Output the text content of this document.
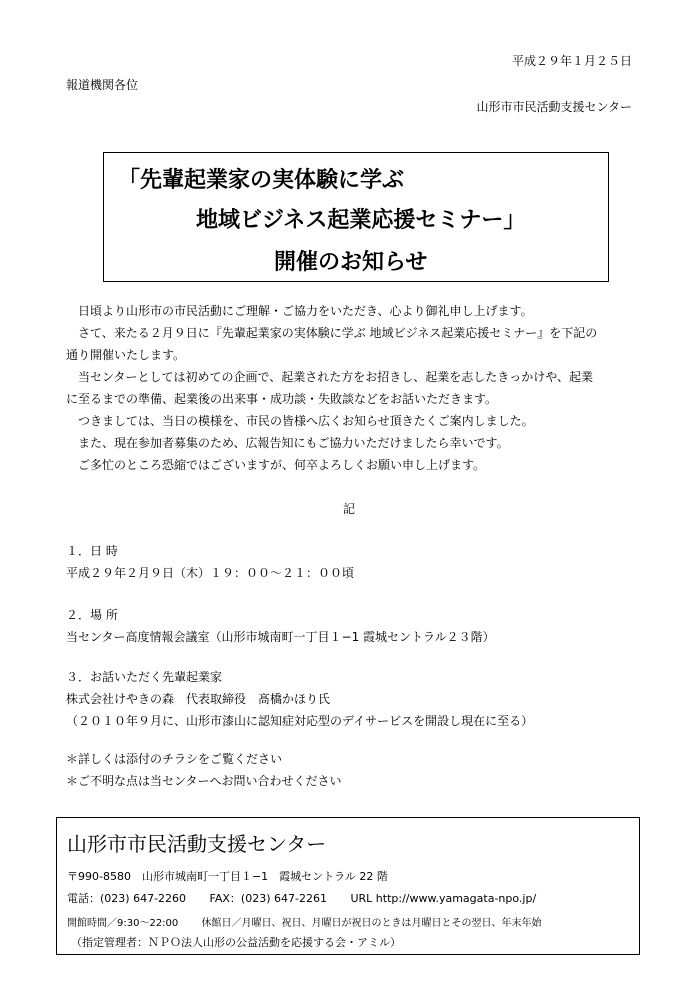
平成２９年１月２５日
報道機関各位
山形市市民活動支援センター
「先輩起業家の実体験に学ぶ
地域ビジネス起業応援セミナー」
開催のお知らせ
　日頃より山形市の市民活動にご理解・ご協力をいただき、心より御礼申し上げます。
　さて、来たる２月９日に『先輩起業家の実体験に学ぶ 地域ビジネス起業応援セミナー』を下記の
通り開催いたします。
　当センターとしては初めての企画で、起業された方をお招きし、起業を志したきっかけや、起業
に至るまでの準備、起業後の出来事・成功談・失敗談などをお話いただきます。
　つきましては、当日の模様を、市民の皆様へ広くお知らせ頂きたくご案内しました。
　また、現在参加者募集のため、広報告知にもご協力いただけましたら幸いです。
　ご多忙のところ恐縮ではございますが、何卒よろしくお願い申し上げます。
記
１．日 時
平成２９年２月９日（木）１９：００～２１：００頃
２．場 所
当センター高度情報会議室（山形市城南町一丁目１−1 霞城セントラル２３階）
３．お話いただく先輩起業家
株式会社けやきの森　代表取締役　髙橋かほり氏
（２０１０年９月に、山形市漆山に認知症対応型のデイサービスを開設し現在に至る）
＊詳しくは添付のチラシをご覧ください
＊ご不明な点は当センターへお問い合わせください
山形市市民活動支援センター
〒990-8580　山形市城南町一丁目１−1　霞城セントラル 22 階
電話：(023) 647-2260 FAX：(023) 647-2261 URL http://www.yamagata-npo.jp/
開館時間／9:30～22:00 休館日／月曜日、祝日、月曜日が祝日のときは月曜日とその翌日、年末年始
（指定管理者：ＮＰＯ法人山形の公益活動を応援する会・アミル）
